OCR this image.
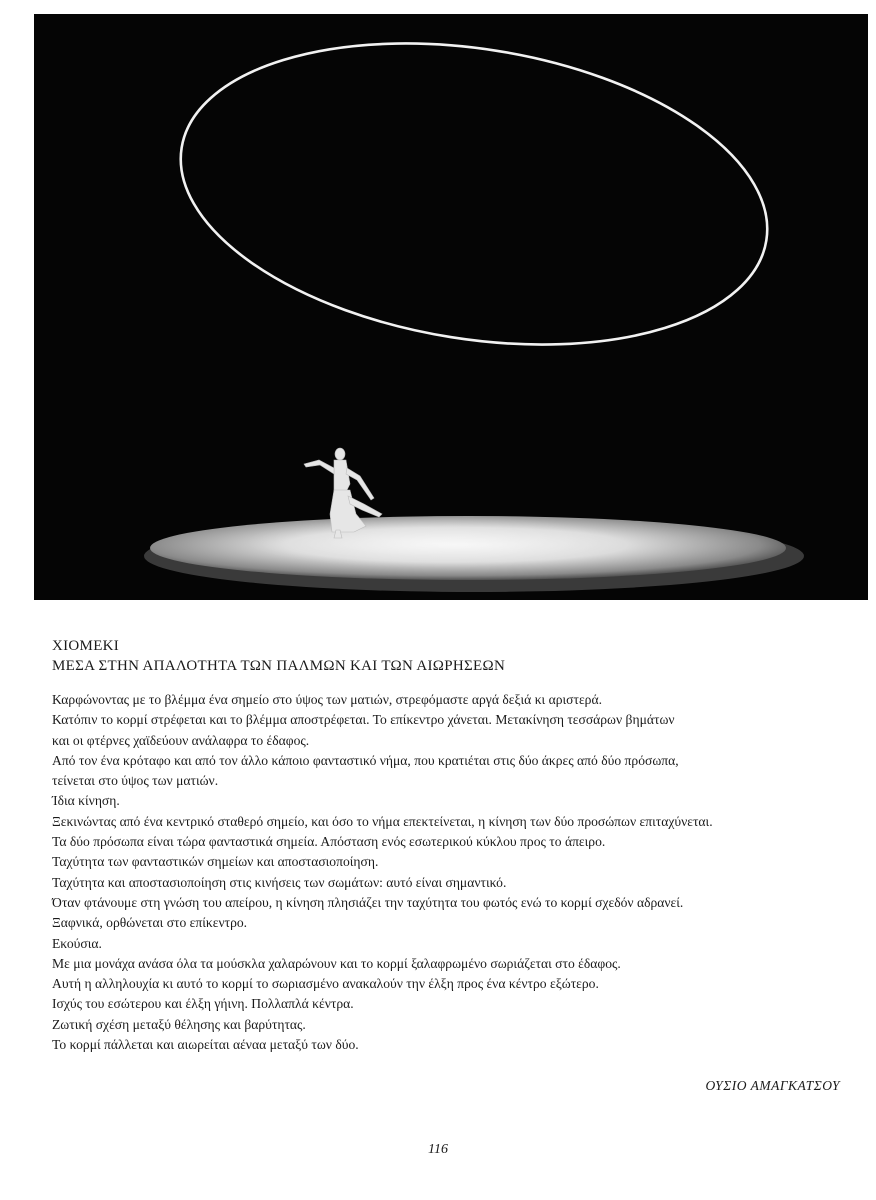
ΧΙΟΜΕΚΙ
ΜΕΣΑ ΣΤΗΝ ΑΠΑΛΟΤΗΤΑ ΤΩΝ ΠΑΛΜΩΝ ΚΑΙ ΤΩΝ ΑΙΩΡΗΣΕΩΝ

Καρφώνοντας με το βλέμμα ένα σημείο στο ύψος των ματιών, στρεφόμαστε αργά δεξιά κι αριστερά.

Κατόπιν το κορμί στρέφεται και το βλέμμα αποστρέφεται. Το επίκεντρο χάνεται. Μετακίνηση τεσσάρων βημάτων

και οι φτέρνες χαϊδεύουν ανάλαφρα το έδαφος.

Από τον ένα κρόταφο και από τον άλλο κάποιο φανταστικό νήμα, που κρατιέται στις δύο άκρες από δύο πρόσωπα,

τείνεται στο ύψος των ματιών.

Ίδια κίνηση.

Ξεκινώντας από ένα κεντρικό σταθερό σημείο, και όσο το νήμα επεκτείνεται, η κίνηση των δύο προσώπων επιταχύνεται.

Τα δύο πρόσωπα είναι τώρα φανταστικά σημεία. Απόσταση ενός εσωτερικού κύκλου προς το άπειρο.

Ταχύτητα των φανταστικών σημείων και αποστασιοποίηση.

Ταχύτητα και αποστασιοποίηση στις κινήσεις των σωμάτων: αυτό είναι σημαντικό.

Όταν φτάνουμε στη γνώση του απείρου, η κίνηση πλησιάζει την ταχύτητα του φωτός ενώ το κορμί σχεδόν αδρανεί.

Ξαφνικά, ορθώνεται στο επίκεντρο.

Εκούσια.

Με μια μονάχα ανάσα όλα τα μούσκλα χαλαρώνουν και το κορμί ξαλαφρωμένο σωριάζεται στο έδαφος.

Αυτή η αλληλουχία κι αυτό το κορμί το σωριασμένο ανακαλούν την έλξη προς ένα κέντρο εξώτερο.

Ισχύς του εσώτερου και έλξη γήινη. Πολλαπλά κέντρα.

Ζωτική σχέση μεταξύ θέλησης και βαρύτητας.

Το κορμί πάλλεται και αιωρείται αέναα μεταξύ των δύο.

ΟΥΣΙΟ ΑΜΑΓΚΑΤΣΟΥ
116
